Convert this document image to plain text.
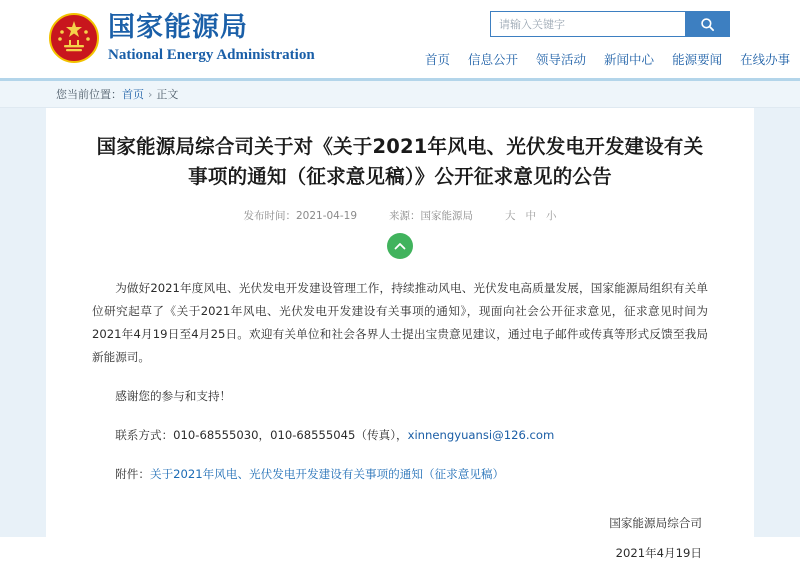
国家能源局
National Energy Administration
请输入关键字	首页 信息公开 领导活动 新闻中心 能源要闻 在线办事
您当前位置：首页 › 正文
国家能源局综合司关于对《关于2021年风电、光伏发电开发建设有关事项的通知（征求意见稿）》公开征求意见的公告
发布时间：2021-04-19	来源：国家能源局	大 中 小

为做好2021年度风电、光伏发电开发建设管理工作，持续推动风电、光伏发电高质量发展，国家能源局组织有关单位研究起草了《关于2021年风电、光伏发电开发建设有关事项的通知》，现面向社会公开征求意见，征求意见时间为2021年4月19日至4月25日。欢迎有关单位和社会各界人士提出宝贵意见建议，通过电子邮件或传真等形式反馈至我局新能源司。

感谢您的参与和支持！

联系方式：010-68555030，010-68555045（传真），xinnengyuansi@126.com

附件：关于2021年风电、光伏发电开发建设有关事项的通知（征求意见稿）

国家能源局综合司
2021年4月19日
